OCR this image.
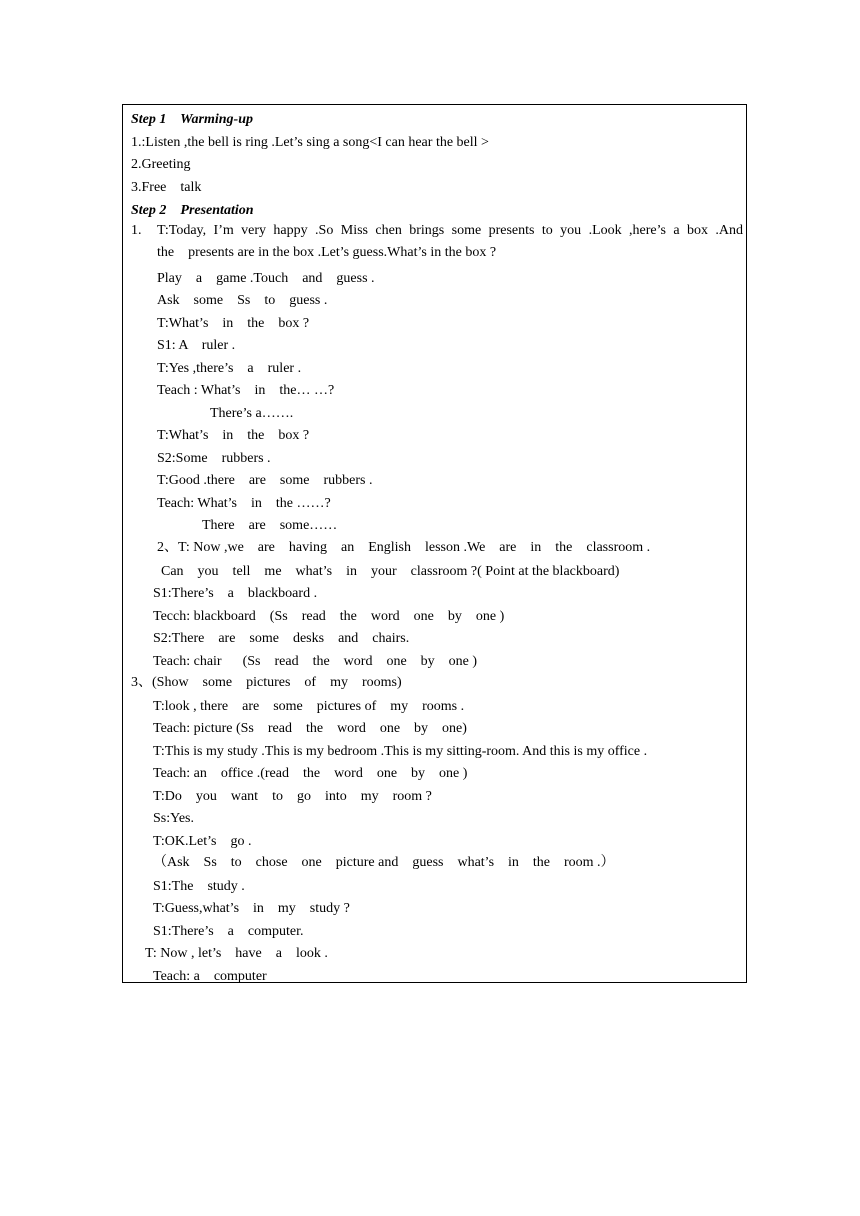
Step 1    Warming-up
1.:Listen ,the bell is ring .Let’s sing a song<I can hear the bell >
2.Greeting
3.Free    talk
Step 2    Presentation
1. T:Today, I’m very happy .So Miss chen brings some presents to you .Look ,here’s a box .And
the    presents are in the box .Let’s guess.What’s in the box ?
Play    a    game .Touch    and    guess .
Ask    some    Ss    to    guess .
T:What’s    in    the    box ?
S1: A    ruler .
T:Yes ,there’s    a    ruler .
Teach : What’s    in    the… …?
There’s a…….
T:What’s    in    the    box ?
S2:Some    rubbers .
T:Good .there    are    some    rubbers .
Teach: What’s    in    the ……?
There    are    some……
2、T: Now ,we    are    having    an    English    lesson .We    are    in    the    classroom .
Can    you    tell    me    what’s    in    your    classroom ?( Point at the blackboard)
S1:There’s    a    blackboard .
Tecch: blackboard    (Ss    read    the    word    one    by    one )
S2:There    are    some    desks    and    chairs.
Teach: chair      (Ss    read    the    word    one    by    one )
3、(Show    some    pictures    of    my    rooms)
T:look , there    are    some    pictures of    my    rooms .
Teach: picture (Ss    read    the    word    one    by    one)
T:This is my study .This is my bedroom .This is my sitting-room. And this is my office .
Teach: an    office .(read    the    word    one    by    one )
T:Do    you    want    to    go    into    my    room ?
Ss:Yes.
T:OK.Let’s    go .
（Ask    Ss    to    chose    one    picture and    guess    what’s    in    the    room .）
S1:The    study .
T:Guess,what’s    in    my    study ?
S1:There’s    a    computer.
T: Now , let’s    have    a    look .
Teach: a    computer
